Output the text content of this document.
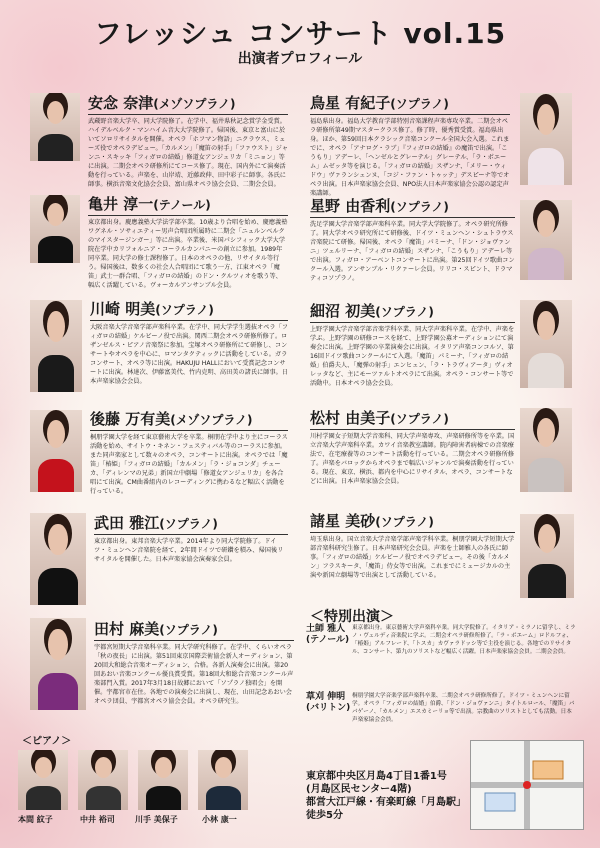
フレッシュ コンサート vol.15
出演者プロフィール
安念 奈津(メゾソプラノ)
武蔵野音楽大学卒、同大学院修了。在学中、福井県秋記念賞学金受賞。ハイデルベルク・マンハイム音大大学院修了。帰国後、東京と富山に於いてソロリサイタルを開催。オペラ「ホフマン物語」ニクラウス、ミューズ役でオペラデビュー。「カルメン」「魔笛の射手」「ファウスト」ジャンニ・スキッキ「フィガロの結婚」修道女アンジェリカ「ミニョン」等に出演。二期会オペラ研修所にてコース修了。現在、国内外にて演奏活動を行っている。声楽を、山岸靖、近藤政伸、田中彩子に師事。各氏に師事。横浜音楽文化協会会員、富山県オペラ協会会員、二期会会員。
亀井 淳一(テノール)
東京都出身。慶應義塾大学法学部卒業。10歳より合唱を始め、慶應義塾ワグネル・ソサィエティー男声合唱団所属時に二期会「ニュルンベルクのマイスタージンガー」等に出演。卒業後、米国パシフィック大学大学院在学中カリフォルニア・コーラルカンパニーの創立に参加。1989年同卒業。同大学の修士課程修了。日本のオペラの他、リサイタル等行う。帰国後は、数多くの社会人合唱団にて歌う一方、江東オペラ「魔笛」武士一群合唱、「フィガロの結婚」のドン・クルツィオを歌う等、幅広く活躍している。ヴォーカルアンサンブル会員。
川崎 明美(ソプラノ)
大阪音楽大学音楽学部声楽科卒業。在学中、同大学学生選抜オペラ「フィガロの結婚」ケルビーノ役で出演。関西二期会オペラ研修所修了。ロザンゼルス・ピアノ音楽祭に参加。宝塚オペラ研修所にて研修し、コンサートやオペラを中心に、ロマンタクティックに活動をしている。ガラコンサート、オペラ等に出演。HAKUJU HALLにおいて受賞記念コンサートに出演。林達次、伊藤富美代、竹内克明、高田美の諸氏に師事。日本声楽家協会会員。
後藤 万有美(メゾソプラノ)
桐朋学園大学を経て東京藝術大学を卒業。桐朋在学中より主にコーラス活動を始め、サイトウ・キネン・フェスティバル等のコーラスに参加。また同声楽家として数々のオペラ、コンサートに出演。オペラでは「魔笛」「椿姫」「フィガロの結婚」「カルメン」「ラ・ジョコンダ」チェーカ、「ディレンマの兄弟」新国立中劇場「修道女アンジェリカ」を各合唱にて出演。CM曲番組内のレコーディングに携わるなど幅広く活動を行っている。
武田 雅江(ソプラノ)
東京都出身。東邦音楽大学卒業。2014年より同大学院修了。ドイツ・ミュンヘン音楽院を経て、2年間ドイツで研鑽を積み、帰国後リサイタルを開催した。日本声楽家協会演奏家会員。
田村 麻美(ソプラノ)
宇都宮短期大学音楽科卒業。同大学研究科修了。在学中、くらいオペラ「秋の夜長」に出演。第51回東京国際芸術協会新人オーディション、第20回大和総合音楽オーディション、合格。各新人演奏会に出演。第20回あおい音楽コンクール優良賞受賞。第18回大和総合音楽コンクール声楽部門入賞。2017年3月18日故郷において「ソプラノ独唱会」を開催。宇都宮市在住。各地での演奏会に出演し、現在、山田記念あおい会オペラ団員、宇都宮オペラ協会会員。オペラ研究生。
鳥星 有紀子(ソプラノ)
福島県出身。福島大学教育学部特別音楽課程声楽専攻卒業。二期会オペラ研修所第49期マスタークラス修了。修了時、優秀賞受賞。福島県出身。ほか、第59回日本クラシック音楽コンクール全国大会入選。これまでに、オペラ「アナログ・ラブ」『フィガロの結婚』の魔笛で出演。「こうもり」アデーレ、「ヘンゼルとグレーテル」グレーテル、「ラ・ボエーム」ムゼッタ等を演じる。「フィガロの結婚」スザンナ、「メリー・ウィドウ」ヴァランシェンヌ、「コジ・ファン・トゥッテ」デスピーナ等でオペラ出演。日本声楽家協会会員、NPO法人日本声楽家協会公認の認定声楽講師。
星野 由香利(ソプラノ)
洗足学園大学音楽学部声楽科卒業。同大学大学院修了。オペラ研究所修了。同大学オペラ研究所にて研修後、ドイツ・ミュンヘン・シュトラウス音楽院にて研修。帰国後、オペラ「魔笛」パミーナ、「ドン・ジョヴァンニ」ツェルリーナ、「フィガロの結婚」スザンナ、「こうもり」アデーレ等で出演。フィガロ・アーベントコンサートに出演。第25回ドイツ歌曲コンクール入選。アンサンブル・リクァーレ会員。リリコ・スピント、ドラマティコソプラノ。
細沼 初美(ソプラノ)
上野学園大学音楽学部音楽学科卒業、同大学声楽科卒業。在学中、声楽を学ぶ。上野学園の研修コースを経て、上野学園公募オーディションにて演奏会に出演。上野学園の卒業演奏会に出演。イタリア声楽コンコルソ、第16回ドイツ歌曲コンクールにて入選。「魔笛」パミーナ、「フィガロの結婚」伯爵夫人、「魔弾の射手」エンヒェン、「ラ・トラヴィアータ」ヴィオレッタなど、主にモーツァルトオペラにて出演。オペラ・コンサート等で活動中。日本オペラ協会会員。
松村 由美子(ソプラノ)
川村学園女子短期大学音楽科、同大学声楽専攻、声楽研修所等を卒業。国立音楽大学声楽科卒業。カワイ音楽教室講師。院内障害者病棟での音楽療法で、在宅療養等のコンサート活動を行っている。二期会オペラ研修所修了。声楽をバロックからオペラまで幅広いジャンルで演奏活動を行っている。現在、東京、横浜、都内を中心にリサイタル、オペラ、コンサートなどに出演。日本声楽家協会会員。
諸星 美砂(ソプラノ)
埼玉県出身。国立音楽大学音楽学部声楽学科卒業。桐朋学園大学短期大学部音楽科研究生修了。日本声楽研究会会員。声楽を土師雅人の各氏に師事。「フィガロの結婚」ケルビーノ役でオペラデビュー。その後「カルメン」フラスキータ、「魔笛」侍女等で出演。これまでにミュージカルの主演や新国立劇場等で出演として活動している。
＜特別出演＞
土師 雅人
(テノール)
東京都出身。東京藝術大学声楽科卒業。同大学院修了。イタリア・ミラノに留学し、ミラノ・ヴェルディ音楽院に学ぶ。二期会オペラ研修所修了。「ラ・ボエーム」ロドルフォ、「椿姫」アルフレード、「トスカ」カヴァラドッシ等で主役を演じる。各地でのリサイタル、コンサート、第九のソリストなど幅広く活躍。日本声楽家協会会員。二期会会員。
草刈 伸明
(バリトン)
桐朋学園大学音楽学部声楽科卒業、二期会オペラ研修所修了。ドイツ・ミュンヘンに留学。オペラ「フィガロの結婚」伯爵、「ドン・ジョヴァンニ」タイトルロール、「魔笛」パパゲーノ、「カルメン」エスカミーリョ等で出演。宗教曲のソリストとしても活動。日本声楽家協会会員。
＜ピアノ＞
本間 紋子	中井 裕司	川手 美保子	小林 康一
東京都中央区月島4丁目1番1号
(月島区民センター4階)
都営大江戸線・有楽町線「月島駅」
徒歩5分
